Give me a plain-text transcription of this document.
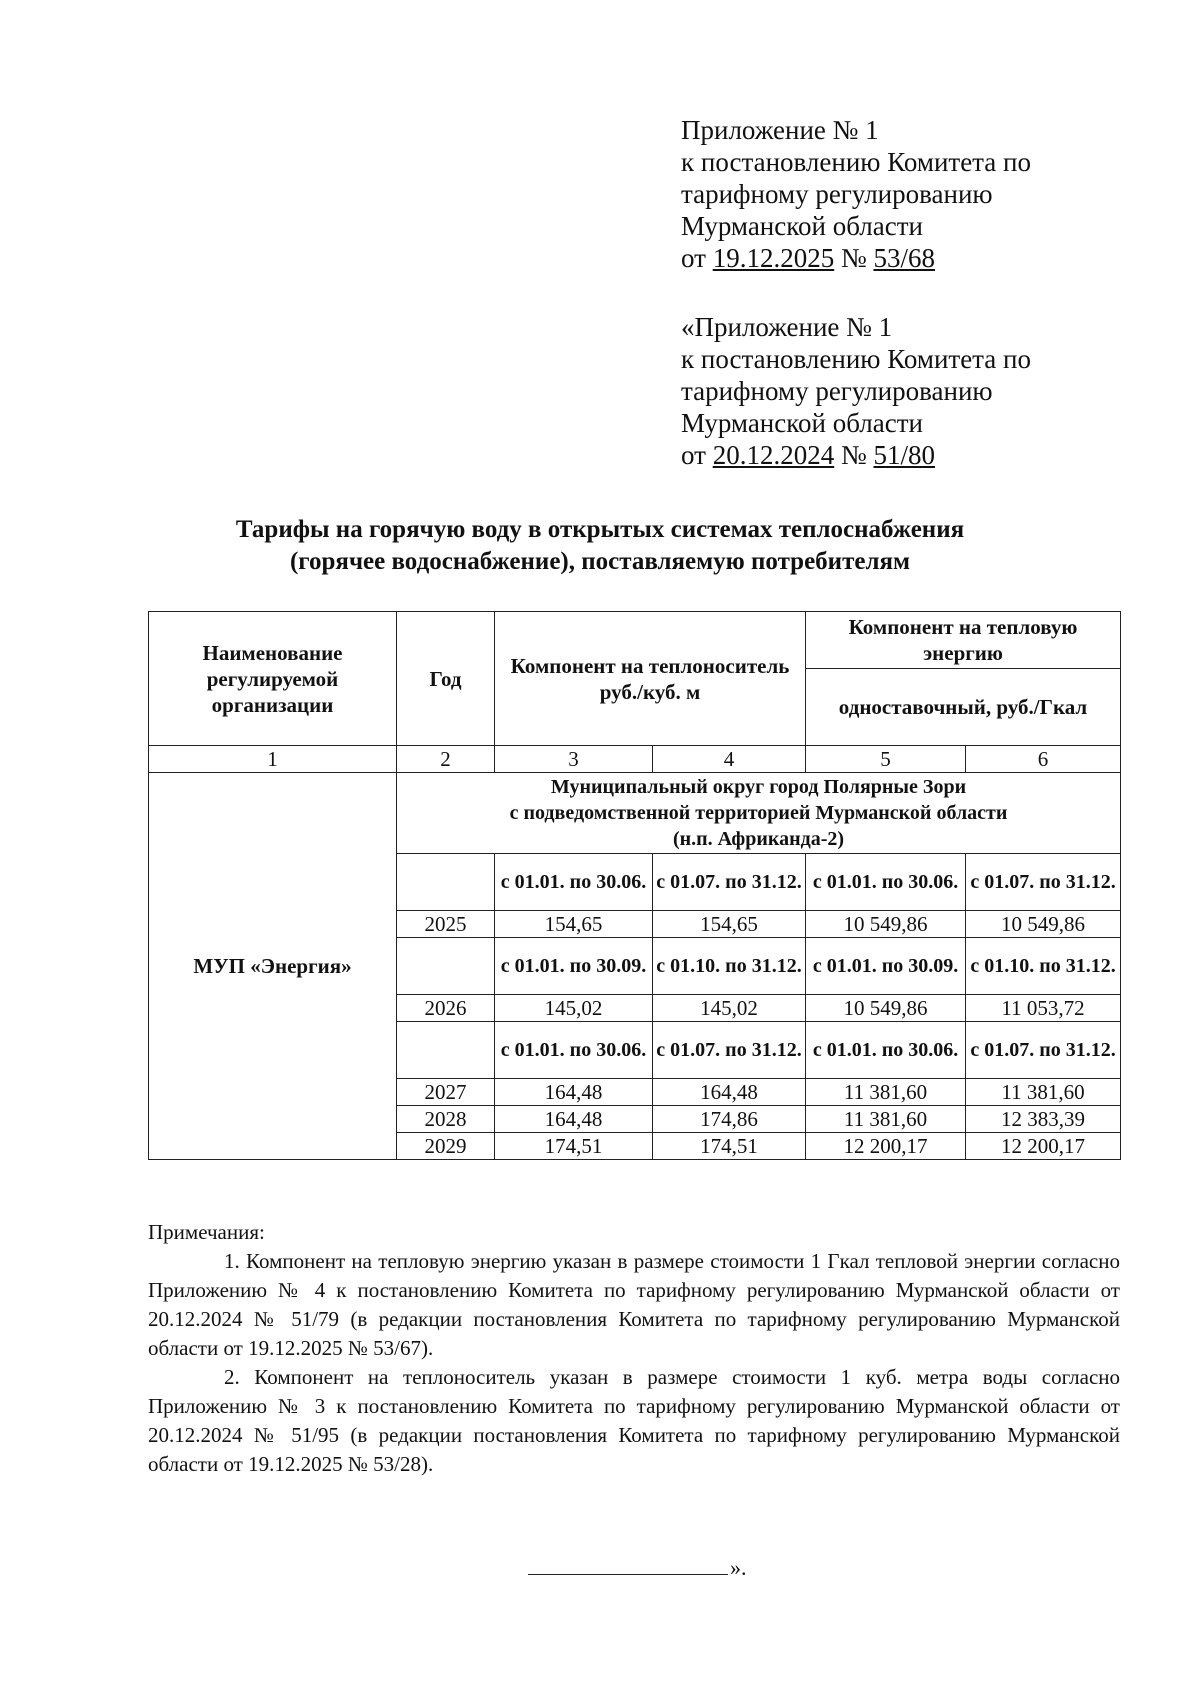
Приложение № 1
к постановлению Комитета по
тарифному регулированию
Мурманской области
от 19.12.2025 № 53/68
«Приложение № 1
к постановлению Комитета по
тарифному регулированию
Мурманской области
от 20.12.2024 № 51/80
Тарифы на горячую воду в открытых системах теплоснабжения
(горячее водоснабжение), поставляемую потребителям
Наименование регулируемой организации	Год	Компонент на теплоноситель руб./куб. м		Компонент на тепловую энергию	
				одноставочный, руб./Гкал	
1	2	3	4	5	6
МУП «Энергия»	Муниципальный округ город Полярные Зори
с подведомственной территорией Мурманской области
(н.п. Африканда-2)				

		с 01.01. по 30.06.	с 01.07. по 31.12.	с 01.01. по 30.06.	с 01.07. по 31.12.
	2025	154,65	154,65	10 549,86	10 549,86
		с 01.01. по 30.09.	с 01.10. по 31.12.	с 01.01. по 30.09.	с 01.10. по 31.12.
	2026	145,02	145,02	10 549,86	11 053,72
		с 01.01. по 30.06.	с 01.07. по 31.12.	с 01.01. по 30.06.	с 01.07. по 31.12.
	2027	164,48	164,48	11 381,60	11 381,60
	2028	164,48	174,86	11 381,60	12 383,39
	2029	174,51	174,51	12 200,17	12 200,17

Примечания:

1. Компонент на тепловую энергию указан в размере стоимости 1 Гкал тепловой энергии согласно Приложению № 4 к постановлению Комитета по тарифному регулированию Мурманской области от 20.12.2024 № 51/79 (в редакции постановления Комитета по тарифному регулированию Мурманской области от 19.12.2025 № 53/67).

2. Компонент на теплоноситель указан в размере стоимости 1 куб. метра воды согласно Приложению № 3 к постановлению Комитета по тарифному регулированию Мурманской области от 20.12.2024 № 51/95 (в редакции постановления Комитета по тарифному регулированию Мурманской области от 19.12.2025 № 53/28).

».
